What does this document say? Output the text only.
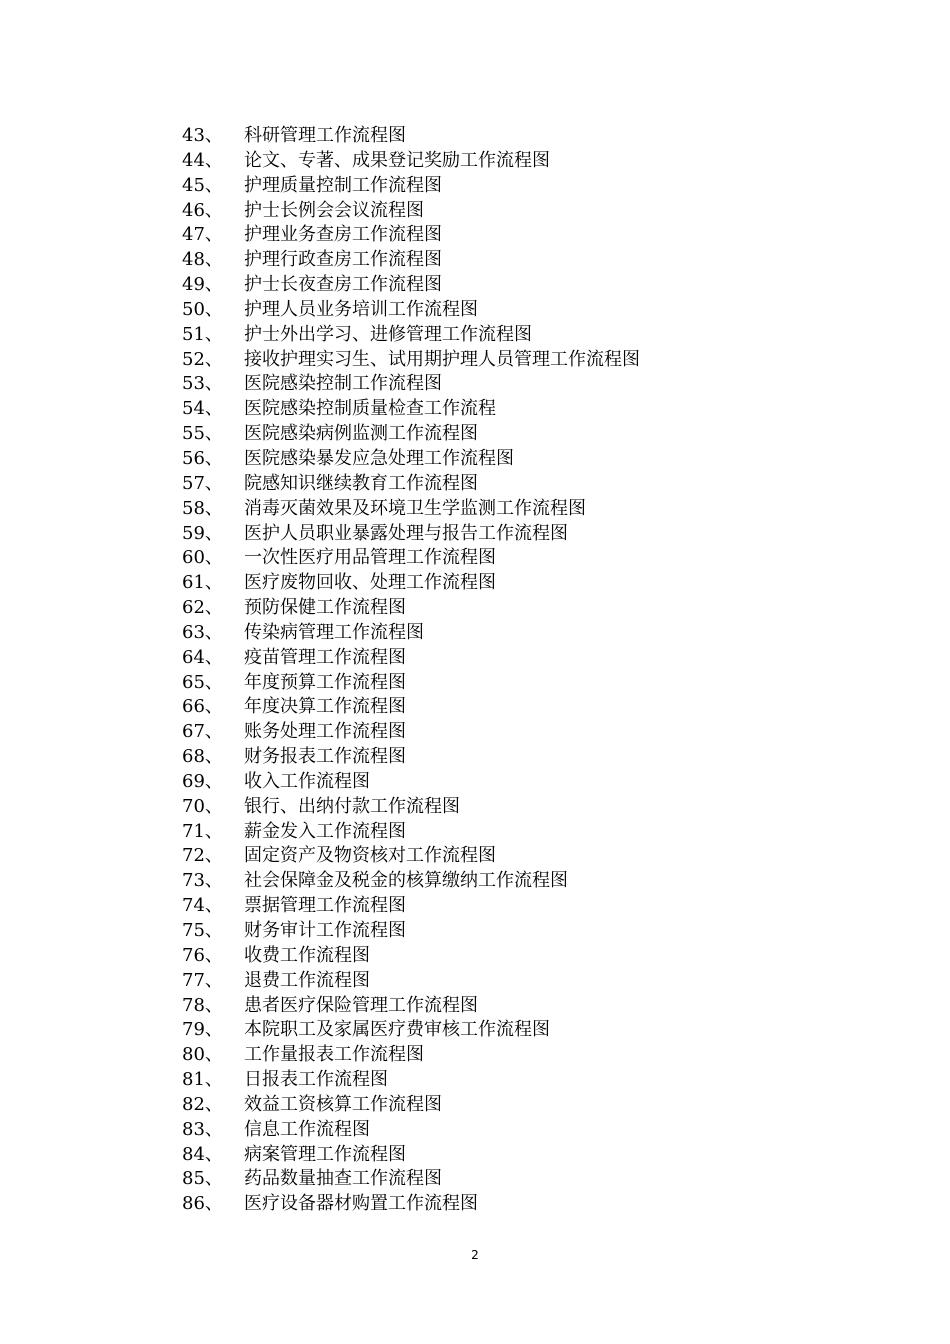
43、	科研管理工作流程图
44、	论文、专著、成果登记奖励工作流程图
45、	护理质量控制工作流程图
46、	护士长例会会议流程图
47、	护理业务查房工作流程图
48、	护理行政查房工作流程图
49、	护士长夜查房工作流程图
50、	护理人员业务培训工作流程图
51、	护士外出学习、进修管理工作流程图
52、	接收护理实习生、试用期护理人员管理工作流程图
53、	医院感染控制工作流程图
54、	医院感染控制质量检查工作流程
55、	医院感染病例监测工作流程图
56、	医院感染暴发应急处理工作流程图
57、	院感知识继续教育工作流程图
58、	消毒灭菌效果及环境卫生学监测工作流程图
59、	医护人员职业暴露处理与报告工作流程图
60、	一次性医疗用品管理工作流程图
61、	医疗废物回收、处理工作流程图
62、	预防保健工作流程图
63、	传染病管理工作流程图
64、	疫苗管理工作流程图
65、	年度预算工作流程图
66、	年度决算工作流程图
67、	账务处理工作流程图
68、	财务报表工作流程图
69、	收入工作流程图
70、	银行、出纳付款工作流程图
71、	薪金发入工作流程图
72、	固定资产及物资核对工作流程图
73、	社会保障金及税金的核算缴纳工作流程图
74、	票据管理工作流程图
75、	财务审计工作流程图
76、	收费工作流程图
77、	退费工作流程图
78、	患者医疗保险管理工作流程图
79、	本院职工及家属医疗费审核工作流程图
80、	工作量报表工作流程图
81、	日报表工作流程图
82、	效益工资核算工作流程图
83、	信息工作流程图
84、	病案管理工作流程图
85、	药品数量抽查工作流程图
86、	医疗设备器材购置工作流程图
2
